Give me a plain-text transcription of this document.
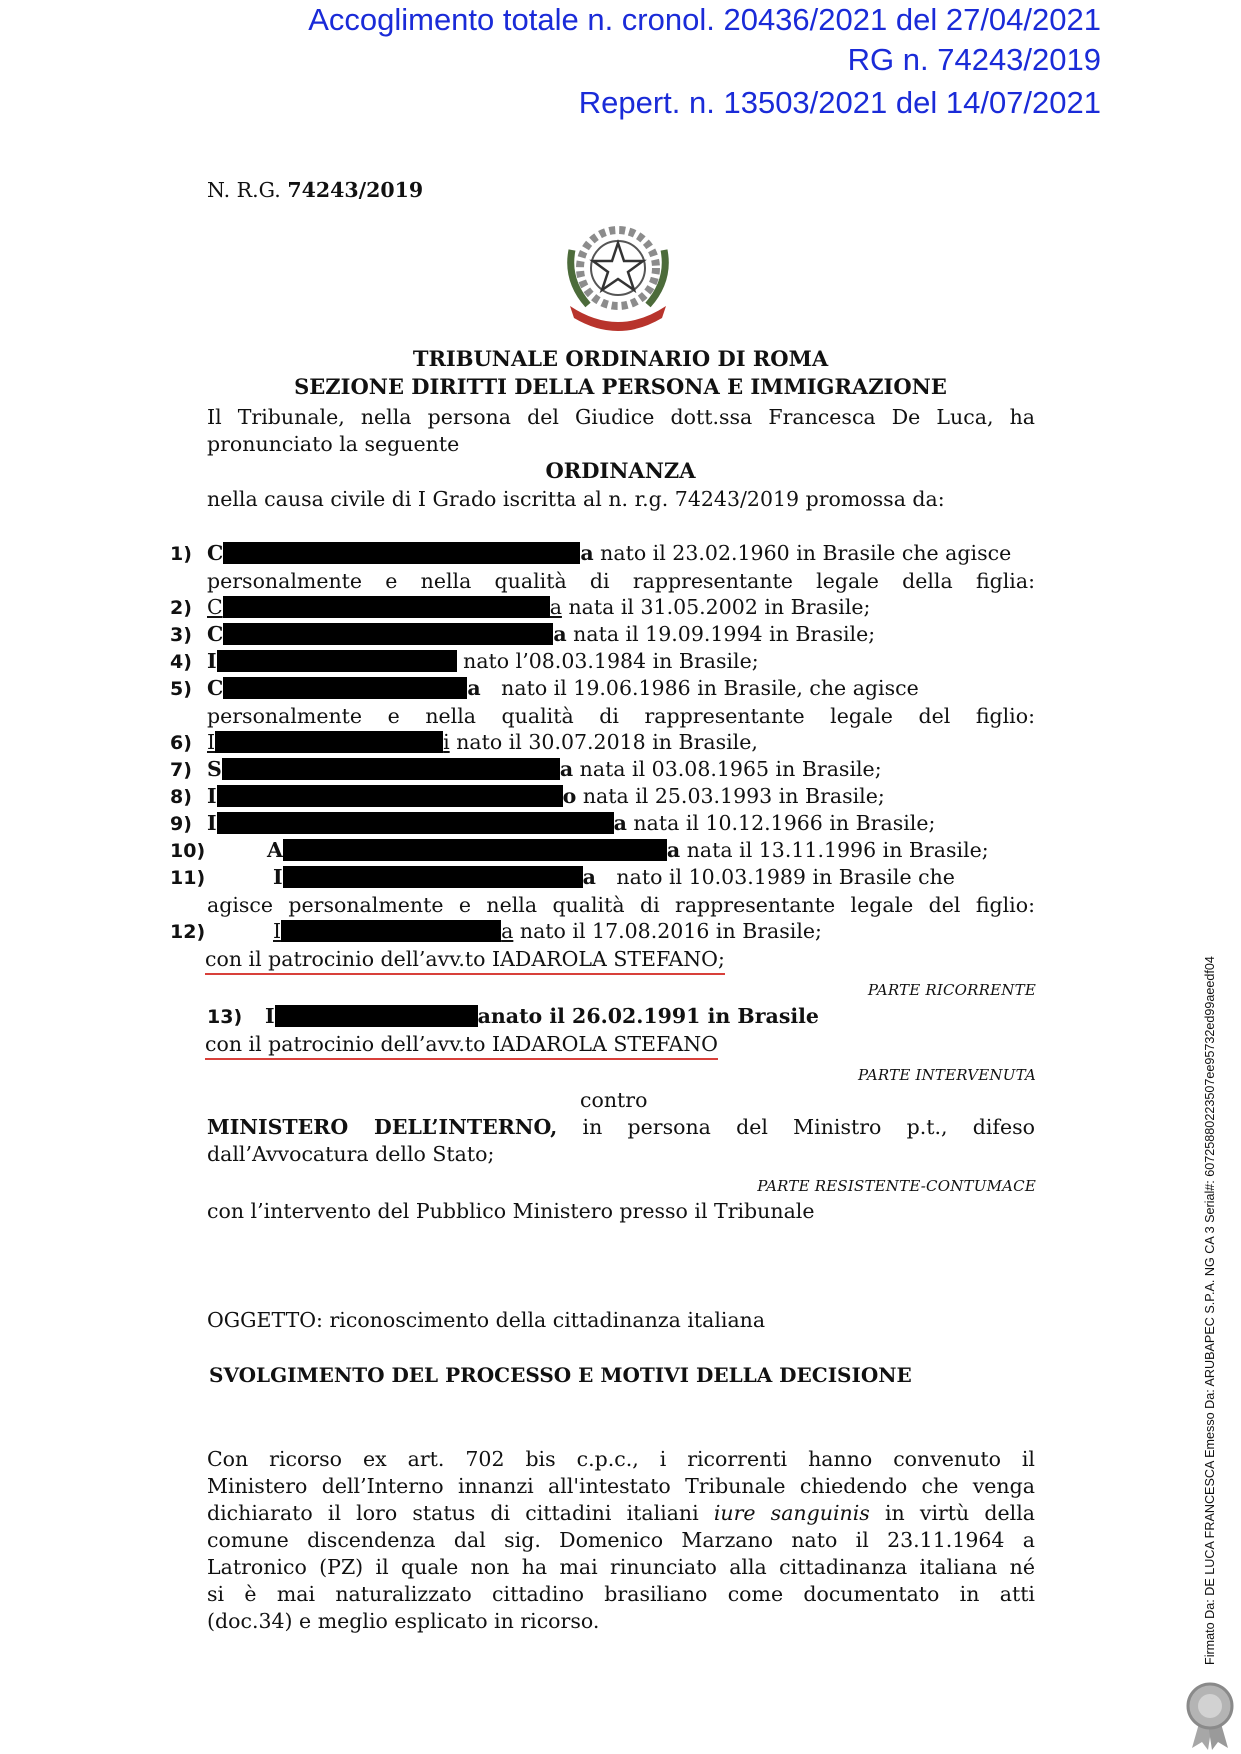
Accoglimento totale n. cronol. 20436/2021 del 27/04/2021
RG n. 74243/2019
Repert. n. 13503/2021 del 14/07/2021
N. R.G. 74243/2019
TRIBUNALE ORDINARIO DI ROMA
SEZIONE DIRITTI DELLA PERSONA E IMMIGRAZIONE
Il Tribunale, nella persona del Giudice dott.ssa Francesca De Luca, ha
pronunciato la seguente
ORDINANZA
nella causa civile di I Grado iscritta al n. r.g. 74243/2019 promossa da:
1) C	a nato il 23.02.1960 in Brasile che agisce
personalmente e nella qualità di rappresentante legale della figlia:
2) C	a nata il 31.05.2002 in Brasile;
3) C	a nata il 19.09.1994 in Brasile;
4) I	nato l’08.03.1984 in Brasile;
5) C	a nato il 19.06.1986 in Brasile, che agisce
personalmente e nella qualità di rappresentante legale del figlio:
6) I	i nato il 30.07.2018 in Brasile,
7) S	a nata il 03.08.1965 in Brasile;
8) I	o nata il 25.03.1993 in Brasile;
9) I	a nata il 10.12.1966 in Brasile;
10)	A	a nata il 13.11.1996 in Brasile;
11)	I	a nato il 10.03.1989 in Brasile che
agisce personalmente e nella qualità di rappresentante legale del figlio:
12)	I	a nato il 17.08.2016 in Brasile;
con il patrocinio dell’avv.to IADAROLA STEFANO;
PARTE RICORRENTE
13) I	anato il 26.02.1991 in Brasile
con il patrocinio dell’avv.to IADAROLA STEFANO
PARTE INTERVENUTA
contro
MINISTERO DELL’INTERNO, in persona del Ministro p.t., difeso
dall’Avvocatura dello Stato;
PARTE RESISTENTE-CONTUMACE
con l’intervento del Pubblico Ministero presso il Tribunale
OGGETTO: riconoscimento della cittadinanza italiana
SVOLGIMENTO DEL PROCESSO E MOTIVI DELLA DECISIONE
Con ricorso ex art. 702 bis c.p.c., i ricorrenti hanno convenuto il
Ministero dell’Interno innanzi all'intestato Tribunale chiedendo che venga
dichiarato il loro status di cittadini italiani iure sanguinis in virtù della
comune discendenza dal sig. Domenico Marzano nato il 23.11.1964 a
Latronico (PZ) il quale non ha mai rinunciato alla cittadinanza italiana né
si è mai naturalizzato cittadino brasiliano come documentato in atti
(doc.34) e meglio esplicato in ricorso.	Firmato Da: DE LUCA FRANCESCA Emesso Da: ARUBAPEC S.P.A. NG CA 3 Serial#: 60725880223507ee95732ed99aeedf04
